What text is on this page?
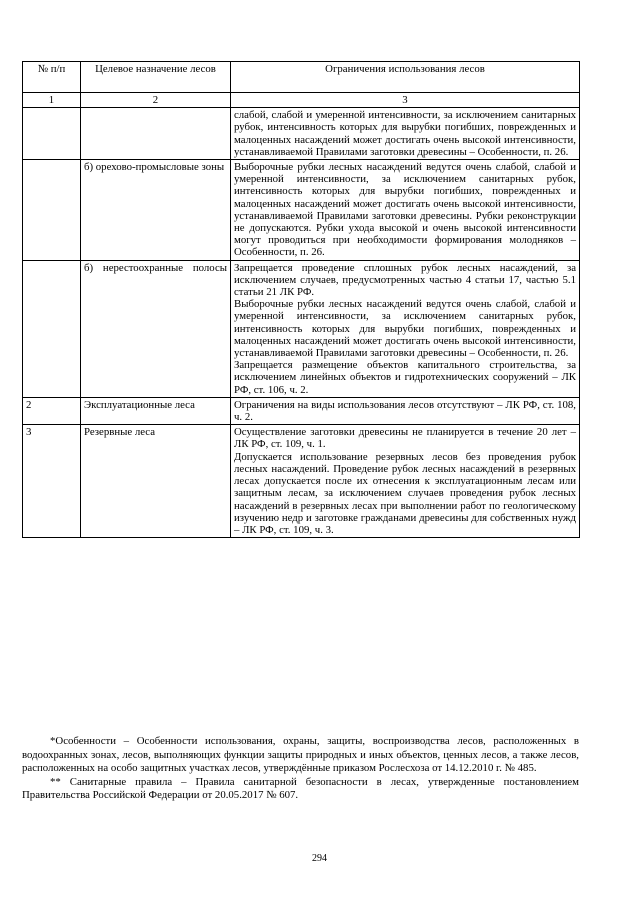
№ п/п	Целевое назначение лесов	Ограничения использования лесов
1	2	3

		слабой, слабой и умеренной интенсивности, за исключением санитарных рубок, интенсивность которых для вырубки погибших, поврежденных и малоценных насаждений может достигать очень высокой интенсивности, устанавливаемой Правилами заготовки древесины – Особенности, п. 26.

	б) орехово-промысловые зоны	Выборочные рубки лесных насаждений ведутся очень слабой, слабой и умеренной интенсивности, за исключением санитарных рубок, интенсивность которых для вырубки погибших, поврежденных и малоценных насаждений может достигать очень высокой интенсивности, устанавливаемой Правилами заготовки древесины. Рубки реконструкции не допускаются. Рубки ухода высокой и очень высокой интенсивности могут проводиться при необходимости формирования молодняков – Особенности, п. 26.

	б) нерестоохранные полосы	Запрещается проведение сплошных рубок лесных насаждений, за исключением случаев, предусмотренных частью 4 статьи 17, частью 5.1 статьи 21 ЛК РФ.

Выборочные рубки лесных насаждений ведутся очень слабой, слабой и умеренной интенсивности, за исключением санитарных рубок, интенсивность которых для вырубки погибших, поврежденных и малоценных насаждений может достигать очень высокой интенсивности, устанавливаемой Правилами заготовки древесины – Особенности, п. 26.

Запрещается размещение объектов капитального строительства, за исключением линейных объектов и гидротехнических сооружений – ЛК РФ, ст. 106, ч. 2.

2	Эксплуатационные леса	Ограничения на виды использования лесов отсутствуют – ЛК РФ, ст. 108, ч. 2.

3	Резервные леса	Осуществление заготовки древесины не планируется в течение 20 лет – ЛК РФ, ст. 109, ч. 1.

Допускается использование резервных лесов без проведения рубок лесных насаждений. Проведение рубок лесных насаждений в резервных лесах допускается после их отнесения к эксплуатационным лесам или защитным лесам, за исключением случаев проведения рубок лесных насаждений в резервных лесах при выполнении работ по геологическому изучению недр и заготовке гражданами древесины для собственных нужд – ЛК РФ, ст. 109, ч. 3.

*Особенности – Особенности использования, охраны, защиты, воспроизводства лесов, расположенных в водоохранных зонах, лесов, выполняющих функции защиты природных и иных объектов, ценных лесов, а также лесов, расположенных на особо защитных участках лесов, утверждённые приказом Рослесхоза от 14.12.2010 г. № 485.

** Санитарные правила – Правила санитарной безопасности в лесах, утвержденные постановлением Правительства Российской Федерации от 20.05.2017 № 607.

294
